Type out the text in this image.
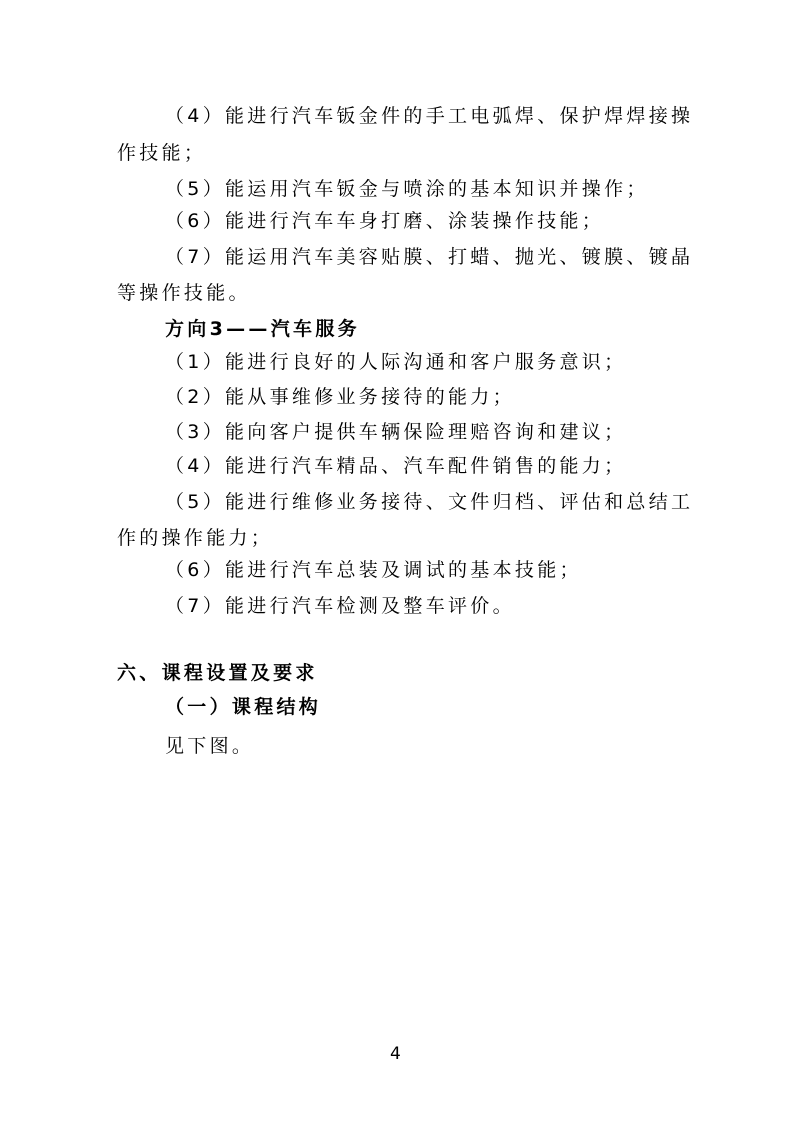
（4）能进行汽车钣金件的手工电弧焊、保护焊焊接操
作技能；
（5）能运用汽车钣金与喷涂的基本知识并操作；
（6）能进行汽车车身打磨、涂装操作技能；
（7）能运用汽车美容贴膜、打蜡、抛光、镀膜、镀晶
等操作技能。
方向3——汽车服务
（1）能进行良好的人际沟通和客户服务意识；
（2）能从事维修业务接待的能力；
（3）能向客户提供车辆保险理赔咨询和建议；
（4）能进行汽车精品、汽车配件销售的能力；
（5）能进行维修业务接待、文件归档、评估和总结工
作的操作能力；
（6）能进行汽车总装及调试的基本技能；
（7）能进行汽车检测及整车评价。
六、课程设置及要求
（一）课程结构
见下图。
4
